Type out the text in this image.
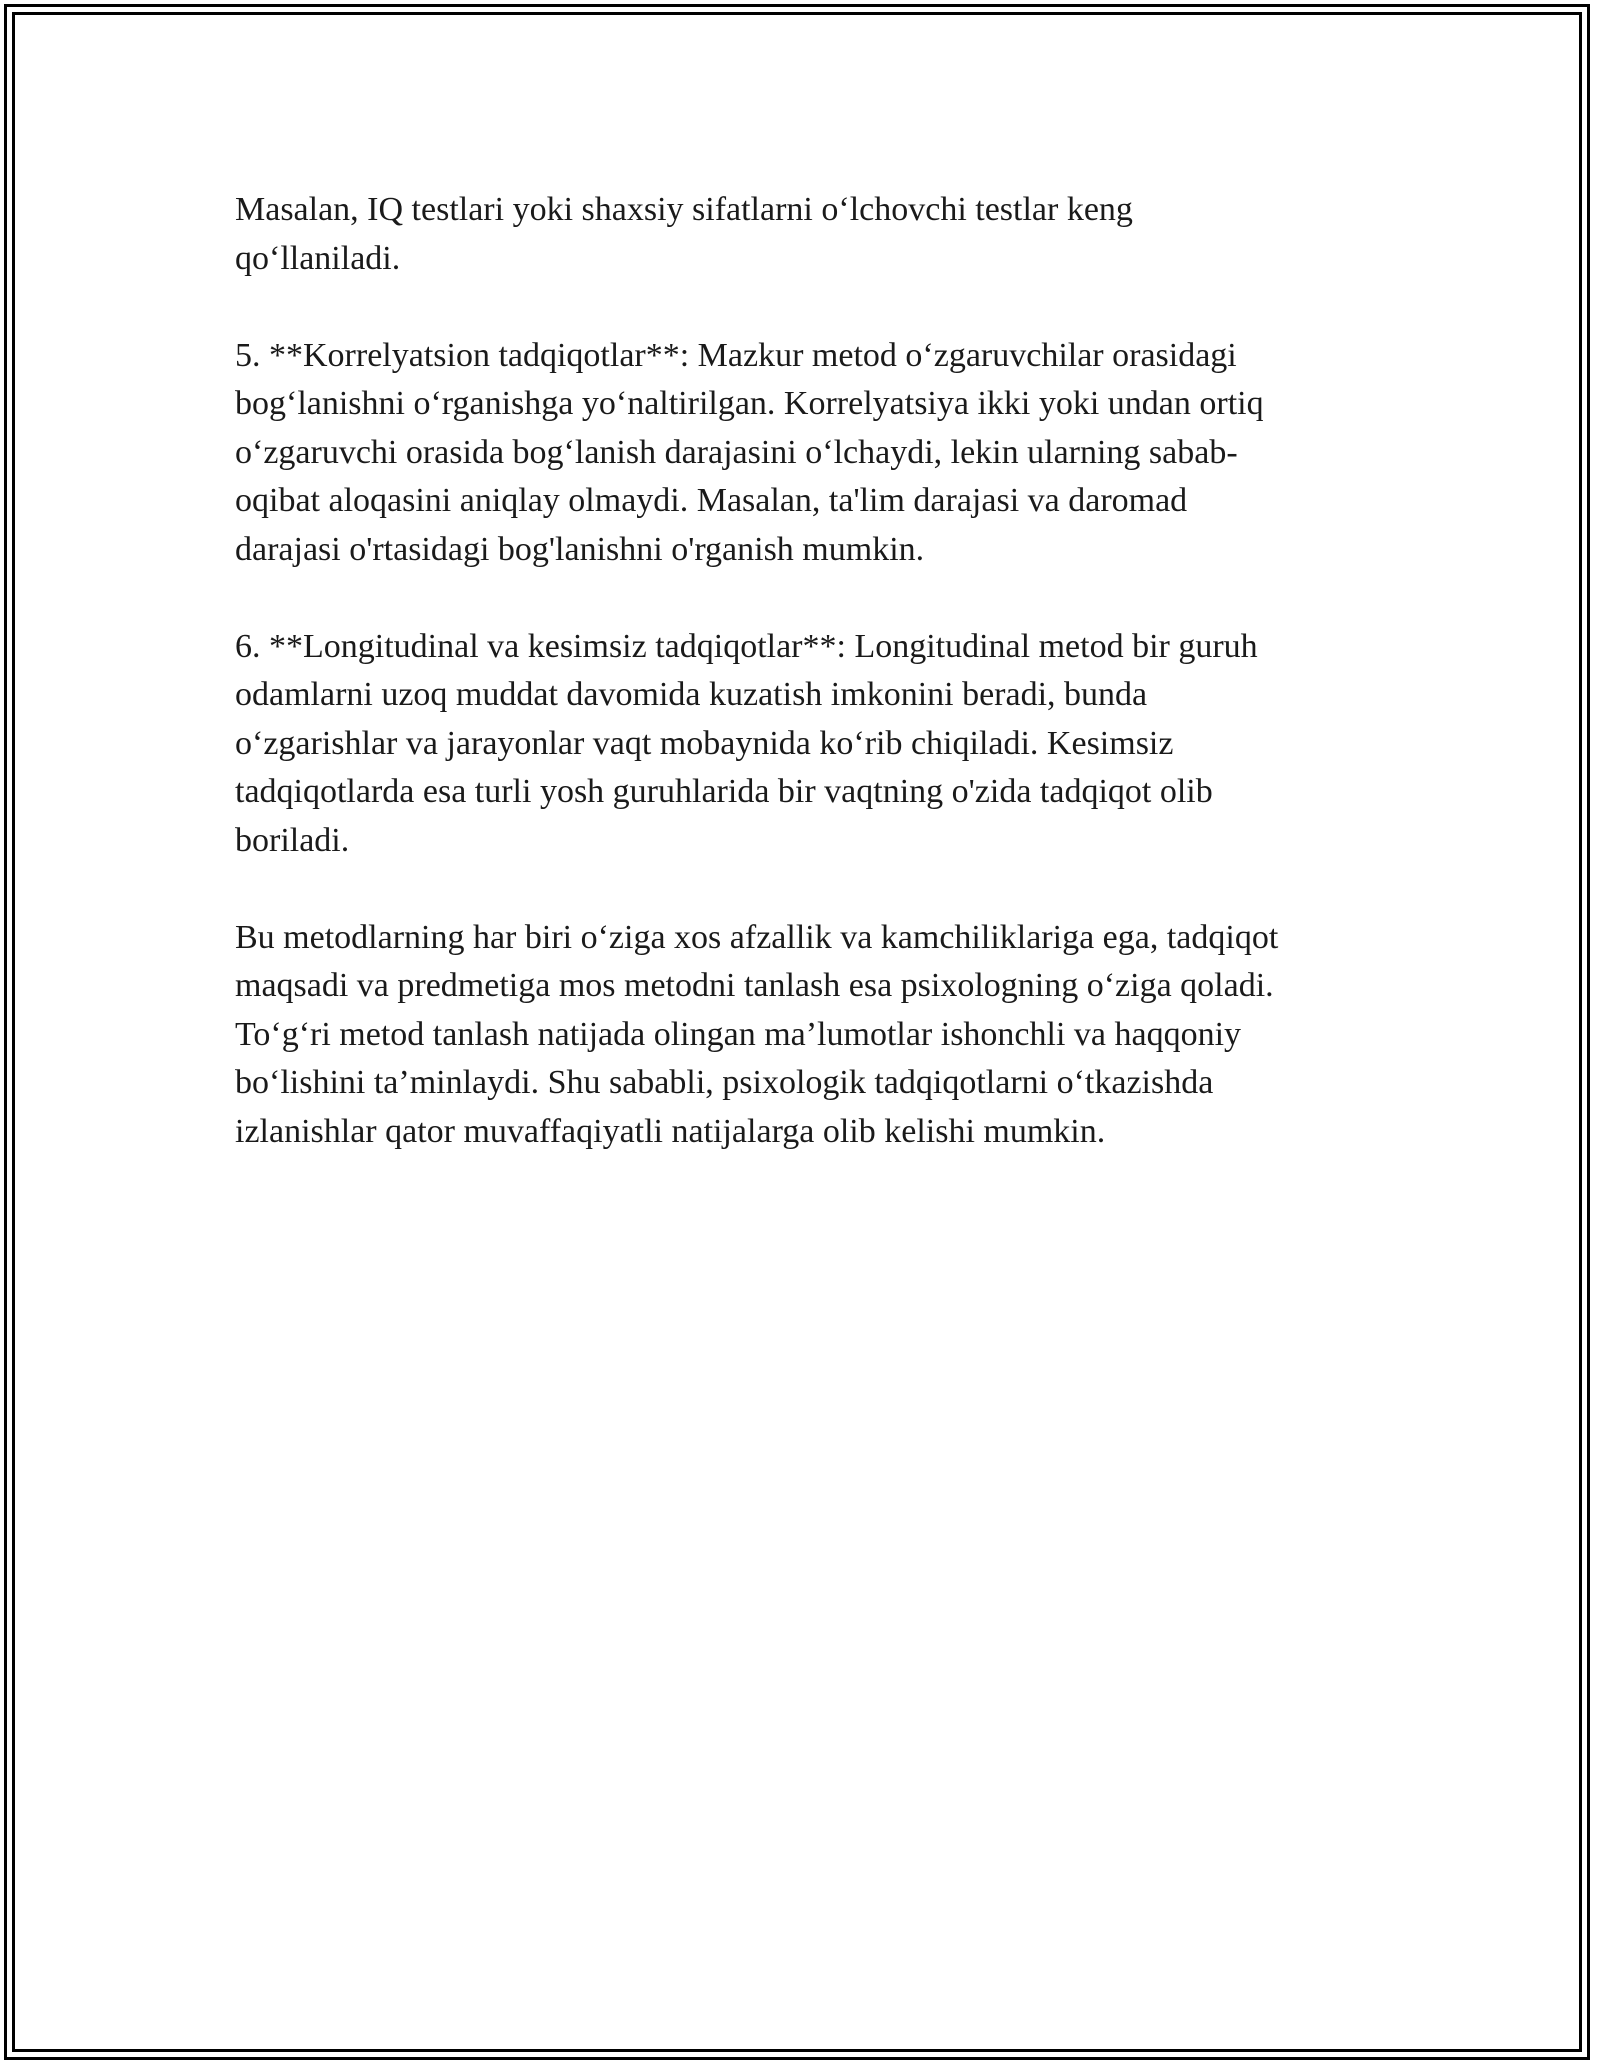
Masalan, IQ testlari yoki shaxsiy sifatlarni o‘lchovchi testlar keng
qo‘llaniladi.

5. **Korrelyatsion tadqiqotlar**: Mazkur metod o‘zgaruvchilar orasidagi
bog‘lanishni o‘rganishga yo‘naltirilgan. Korrelyatsiya ikki yoki undan ortiq
o‘zgaruvchi orasida bog‘lanish darajasini o‘lchaydi, lekin ularning sabab-
oqibat aloqasini aniqlay olmaydi. Masalan, ta'lim darajasi va daromad
darajasi o'rtasidagi bog'lanishni o'rganish mumkin.

6. **Longitudinal va kesimsiz tadqiqotlar**: Longitudinal metod bir guruh
odamlarni uzoq muddat davomida kuzatish imkonini beradi, bunda
o‘zgarishlar va jarayonlar vaqt mobaynida ko‘rib chiqiladi. Kesimsiz
tadqiqotlarda esa turli yosh guruhlarida bir vaqtning o'zida tadqiqot olib
boriladi.

Bu metodlarning har biri o‘ziga xos afzallik va kamchiliklariga ega, tadqiqot
maqsadi va predmetiga mos metodni tanlash esa psixologning o‘ziga qoladi.
To‘g‘ri metod tanlash natijada olingan ma’lumotlar ishonchli va haqqoniy
bo‘lishini ta’minlaydi. Shu sababli, psixologik tadqiqotlarni o‘tkazishda
izlanishlar qator muvaffaqiyatli natijalarga olib kelishi mumkin.
